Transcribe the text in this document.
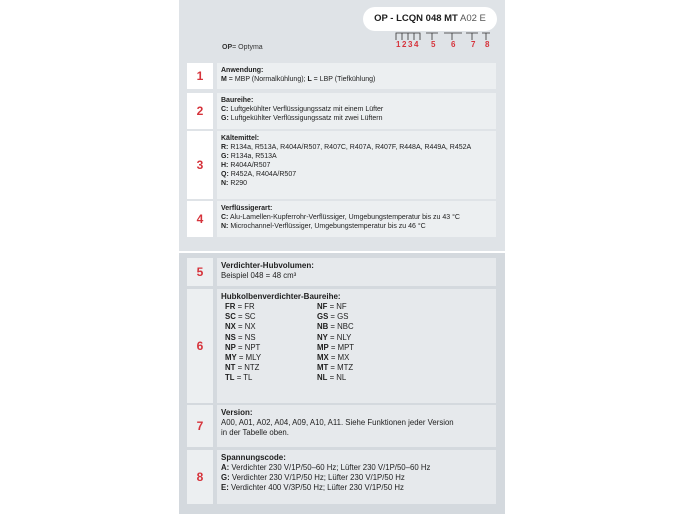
OP - LCQN 048 MT A02 E
1 2 3 4 5 6 7 8
OP= Optyma
1	Anwendung:
M = MBP (Normalkühlung); L = LBP (Tiefkühlung)
2
Baureihe:
C: Luftgekühlter Verflüssigungssatz mit einem Lüfter
G: Luftgekühlter Verflüssigungssatz mit zwei Lüftern
3
Kältemittel:
R: R134a, R513A, R404A/R507, R407C, R407A, R407F, R448A, R449A, R452A
G: R134a, R513A
H: R404A/R507
Q: R452A, R404A/R507
N: R290
4
Verflüssigerart:
C: Alu-Lamellen-Kupferrohr-Verflüssiger, Umgebungstemperatur bis zu 43 °C
N: Microchannel-Verflüssiger, Umgebungstemperatur bis zu 46 °C
5	Verdichter-Hubvolumen:
Beispiel 048 = 48 cm³
6
Hubkolbenverdichter-Baureihe:
FR = FR
SC = SC
NX = NX
NS = NS
NP = NPT
MY = MLY
NT = NTZ
TL = TL
NF = NF
GS = GS
NB = NBC
NY = NLY
MP = MPT
MX = MX
MT = MTZ
NL = NL
7
Version:
A00, A01, A02, A04, A09, A10, A11. Siehe Funktionen jeder Version
in der Tabelle oben.
8
Spannungscode:
A: Verdichter 230 V/1P/50–60 Hz; Lüfter 230 V/1P/50–60 Hz
G: Verdichter 230 V/1P/50 Hz; Lüfter 230 V/1P/50 Hz
E: Verdichter 400 V/3P/50 Hz; Lüfter 230 V/1P/50 Hz
